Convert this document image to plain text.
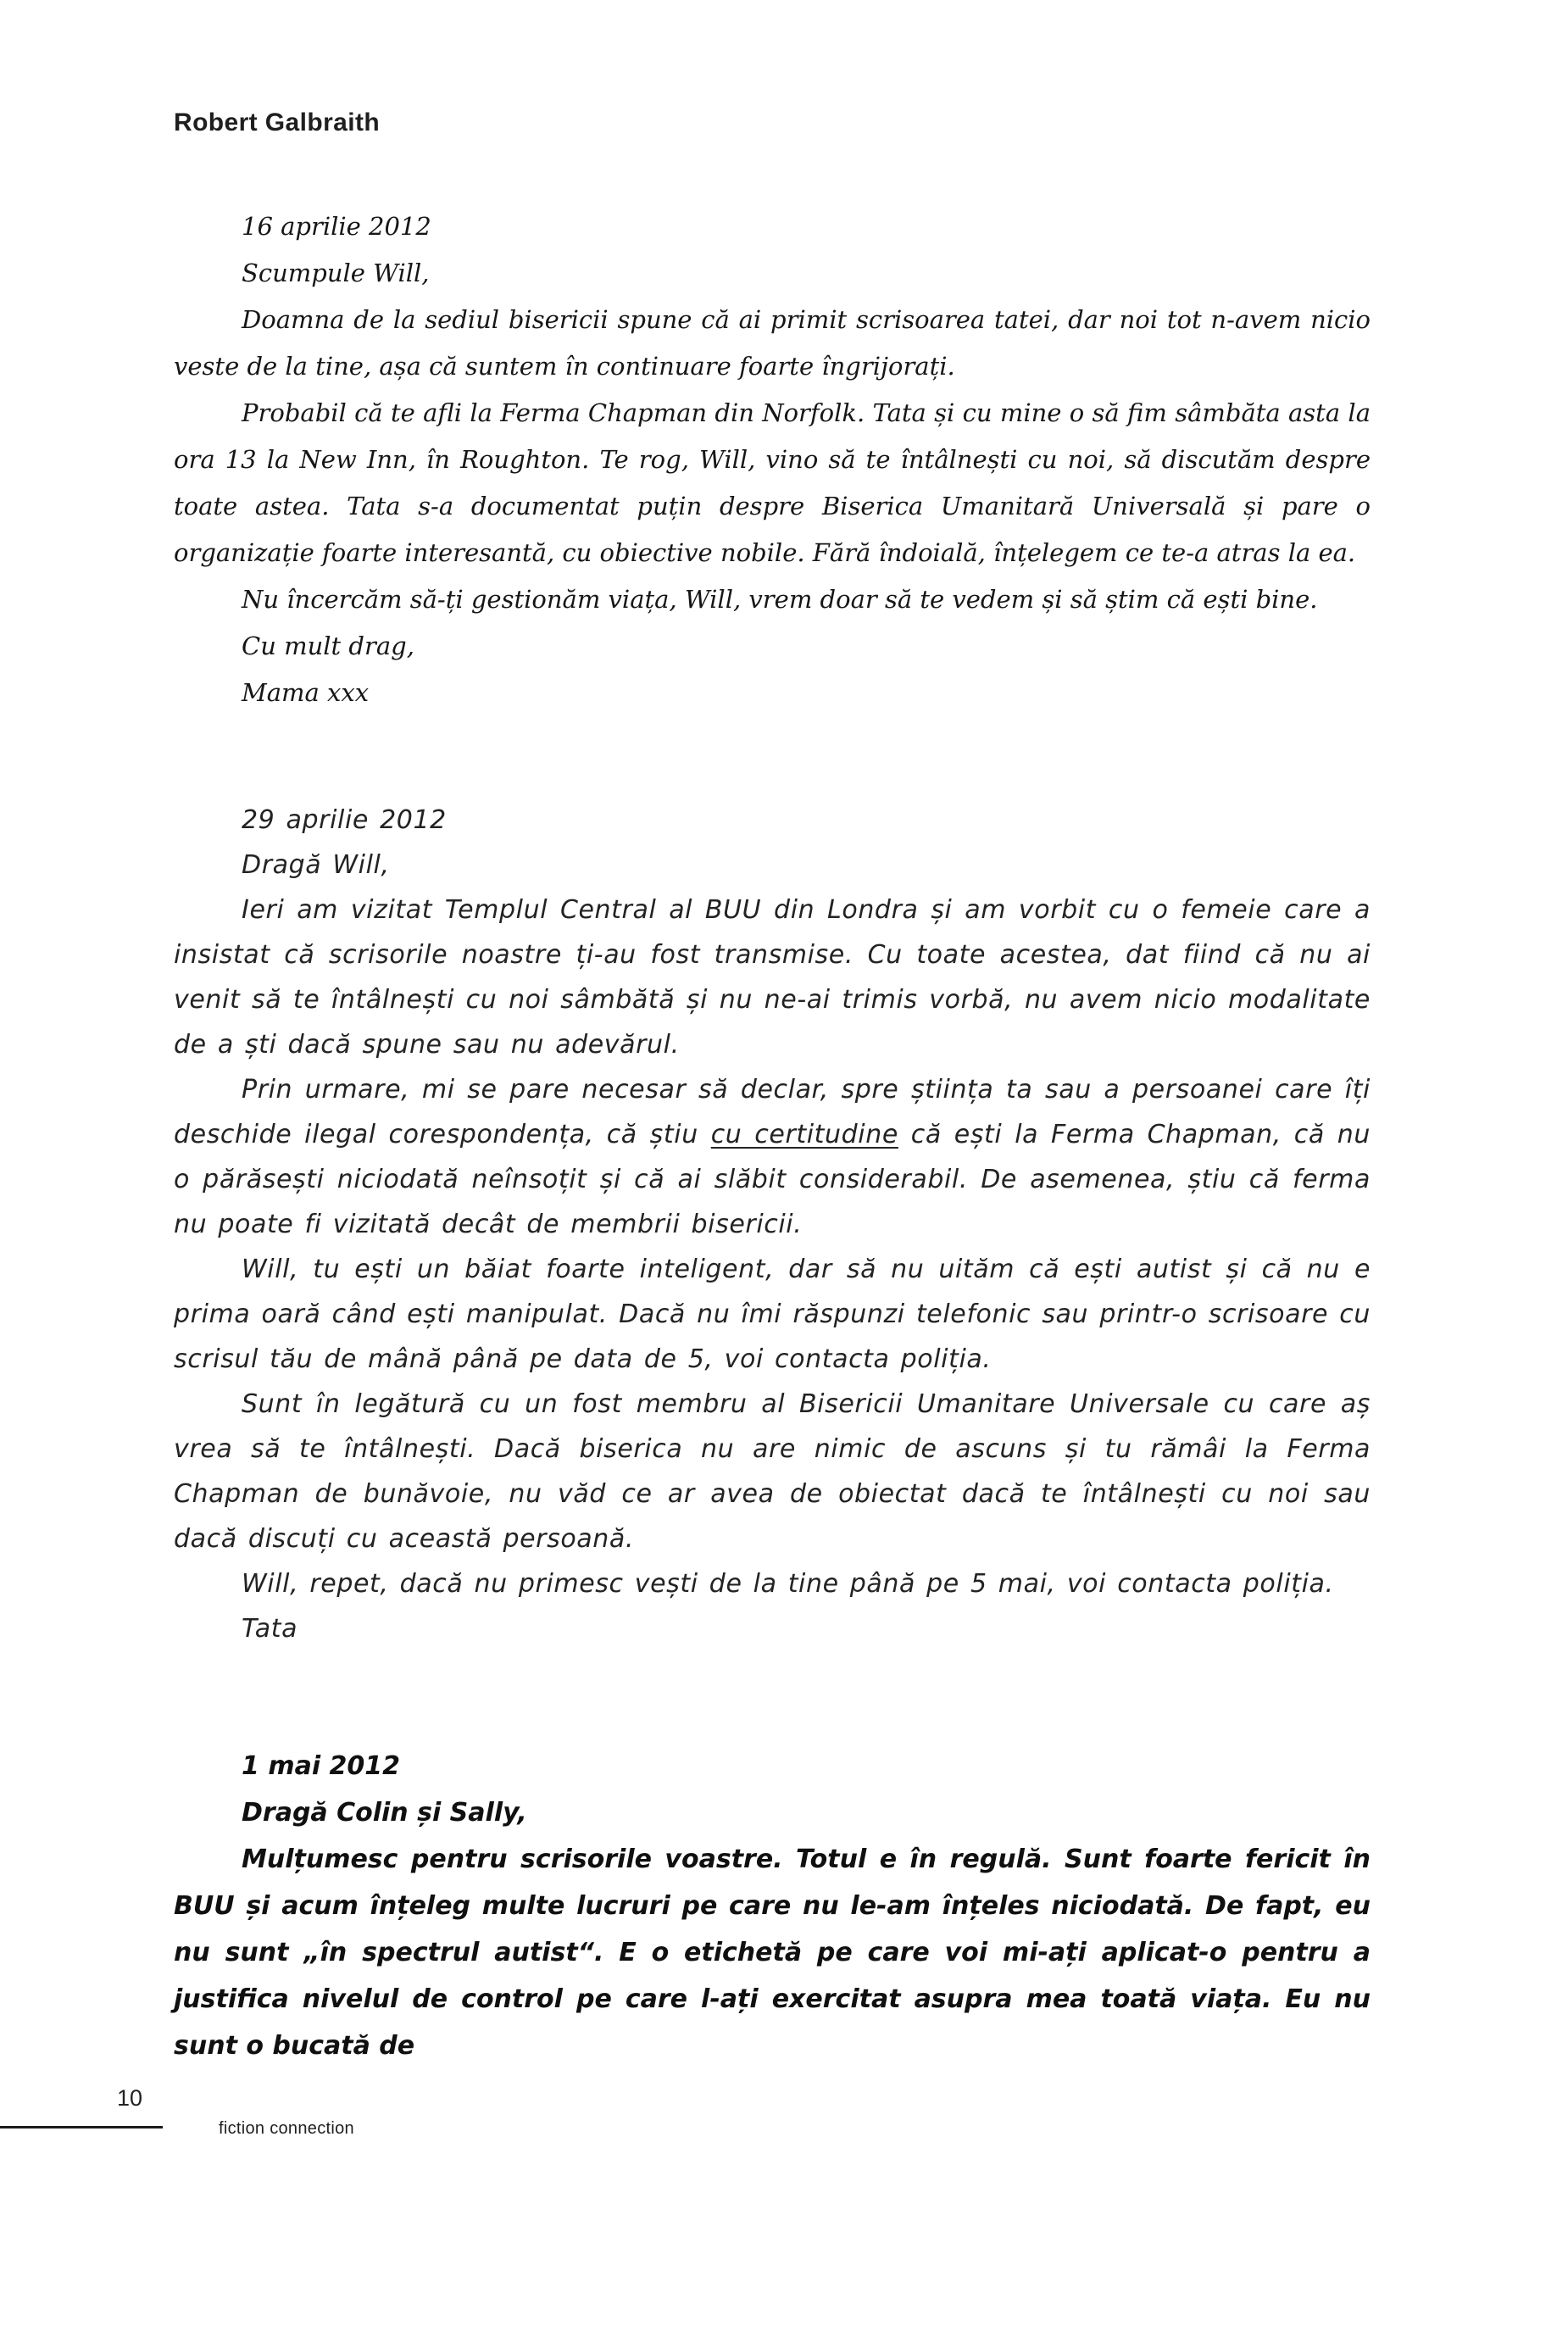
Robert Galbraith
16 aprilie 2012
Scumpule Will,

Doamna de la sediul bisericii spune că ai primit scrisoarea tatei, dar noi tot n-avem nicio veste de la tine, așa că suntem în continuare foarte îngrijorați.

Probabil că te afli la Ferma Chapman din Norfolk. Tata și cu mine o să fim sâmbăta asta la ora 13 la New Inn, în Roughton. Te rog, Will, vino să te întâlnești cu noi, să discutăm despre toate astea. Tata s-a documentat puțin despre Biserica Umanitară Universală și pare o organizație foarte interesantă, cu obiective nobile. Fără îndoială, înțelegem ce te-a atras la ea.

Nu încercăm să-ți gestionăm viața, Will, vrem doar să te vedem și să știm că ești bine.

Cu mult drag,
Mama xxx
29 aprilie 2012
Dragă Will,

Ieri am vizitat Templul Central al BUU din Londra și am vorbit cu o femeie care a insistat că scrisorile noastre ți-au fost transmise. Cu toate acestea, dat fiind că nu ai venit să te întâlnești cu noi sâmbătă și nu ne-ai trimis vorbă, nu avem nicio modalitate de a ști dacă spune sau nu adevărul.

Prin urmare, mi se pare necesar să declar, spre știința ta sau a persoanei care îți deschide ilegal corespondența, că știu cu certitudine că ești la Ferma Chapman, că nu o părăsești niciodată neînsoțit și că ai slăbit considerabil. De asemenea, știu că ferma nu poate fi vizitată decât de membrii bisericii.

Will, tu ești un băiat foarte inteligent, dar să nu uităm că ești autist și că nu e prima oară când ești manipulat. Dacă nu îmi răspunzi telefonic sau printr-o scrisoare cu scrisul tău de mână până pe data de 5, voi contacta poliția.

Sunt în legătură cu un fost membru al Bisericii Umanitare Universale cu care aș vrea să te întâlnești. Dacă biserica nu are nimic de ascuns și tu rămâi la Ferma Chapman de bunăvoie, nu văd ce ar avea de obiectat dacă te întâlnești cu noi sau dacă discuți cu această persoană.

Will, repet, dacă nu primesc vești de la tine până pe 5 mai, voi contacta poliția.

Tata
1 mai 2012
Dragă Colin și Sally,

Mulțumesc pentru scrisorile voastre. Totul e în regulă. Sunt foarte fericit în BUU și acum înțeleg multe lucruri pe care nu le-am înțeles niciodată. De fapt, eu nu sunt „în spectrul autist“. E o etichetă pe care voi mi-ați aplicat-o pentru a justifica nivelul de control pe care l-ați exercitat asupra mea toată viața. Eu nu sunt o bucată de

10
fiction connection
